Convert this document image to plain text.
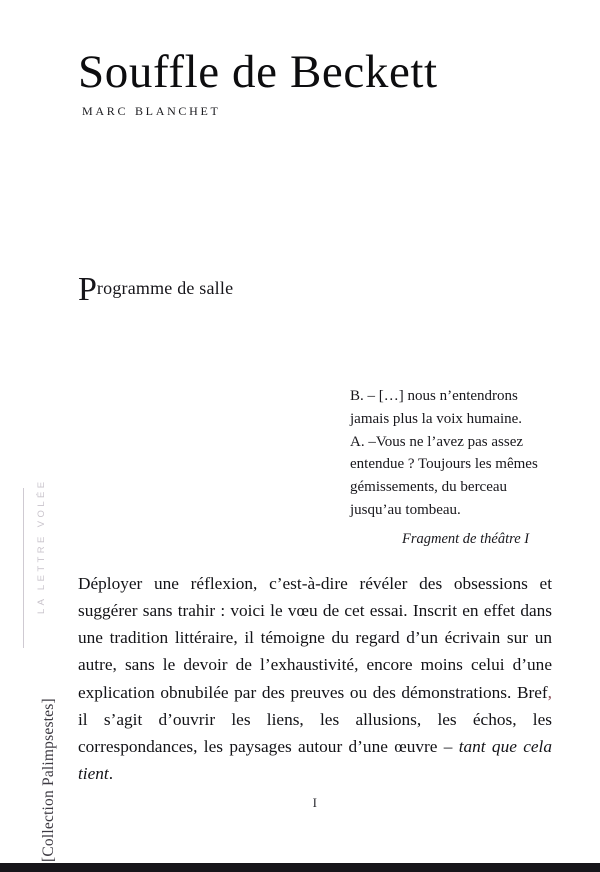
LA LETTRE VOLÉE
[Collection Palimpsestes]
Souffle de Beckett
marc blanchet
Programme de salle
B. – […] nous n’entendrons
jamais plus la voix humaine.
A. –Vous ne l’avez pas assez
entendue ? Toujours les mêmes
gémissements, du berceau
jusqu’au tombeau.
Fragment de théâtre I

Déployer une réflexion, c’est-à-dire révéler des obsessions et suggérer sans trahir : voici le vœu de cet essai. Inscrit en effet dans une tradition littéraire, il témoigne du regard d’un écrivain sur un autre, sans le devoir de l’exhaustivité, encore moins celui d’une explication obnubilée par des preuves ou des démonstrations. Bref, il s’agit d’ouvrir les liens, les allusions, les échos, les correspondances, les paysages autour d’une œuvre – tant que cela tient.

I
